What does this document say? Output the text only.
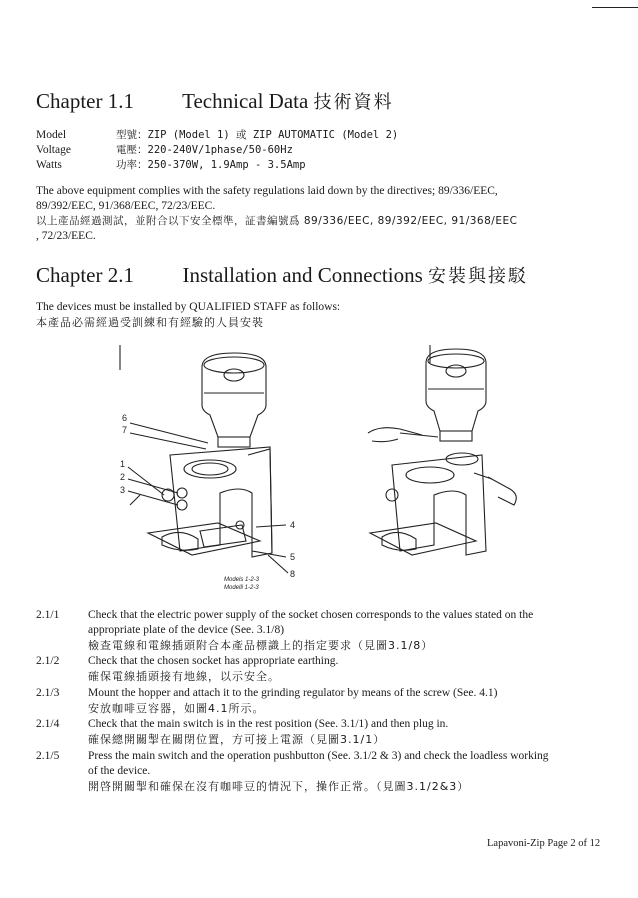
Chapter 1.1 Technical Data 技術資料
Model	型號：ZIP (Model 1) 或 ZIP AUTOMATIC (Model 2)
Voltage	電壓：220-240V/1phase/50-60Hz
Watts	功率：250-370W, 1.9Amp - 3.5Amp
The above equipment complies with the safety regulations laid down by the directives; 89/336/EEC,
89/392/EEC, 91/368/EEC, 72/23/EEC.
以上產品經過測試，並附合以下安全標準，証書編號爲 89/336/EEC, 89/392/EEC, 91/368/EEC
, 72/23/EEC.
Chapter 2.1 Installation and Connections 安裝與接駁
The devices must be installed by QUALIFIED STAFF as follows:
本產品必需經過受訓練和有經驗的人員安裝
6
7
1
2
3
4
5
8
Models 1-2-3
Modelli 1-2-3
2.1/1 Check that the electric power supply of the socket chosen corresponds to the values stated on the
appropriate plate of the device (See. 3.1/8)
檢查電線和電線插頭附合本產品標識上的指定要求（見圖3.1/8）
2.1/2 Check that the chosen socket has appropriate earthing.
確保電線插頭接有地線，以示安全。
2.1/3 Mount the hopper and attach it to the grinding regulator by means of the screw (See. 4.1)
安放咖啡豆容器，如圖4.1所示。
2.1/4 Check that the main switch is in the rest position (See. 3.1/1) and then plug in.
確保總開關掣在關閉位置，方可接上電源（見圖3.1/1）
2.1/5 Press the main switch and the operation pushbutton (See. 3.1/2 & 3) and check the loadless working
of the device.
開啓開關掣和確保在沒有咖啡豆的情況下，操作正常。（見圖3.1/2&3）
Lapavoni-Zip Page 2 of 12
